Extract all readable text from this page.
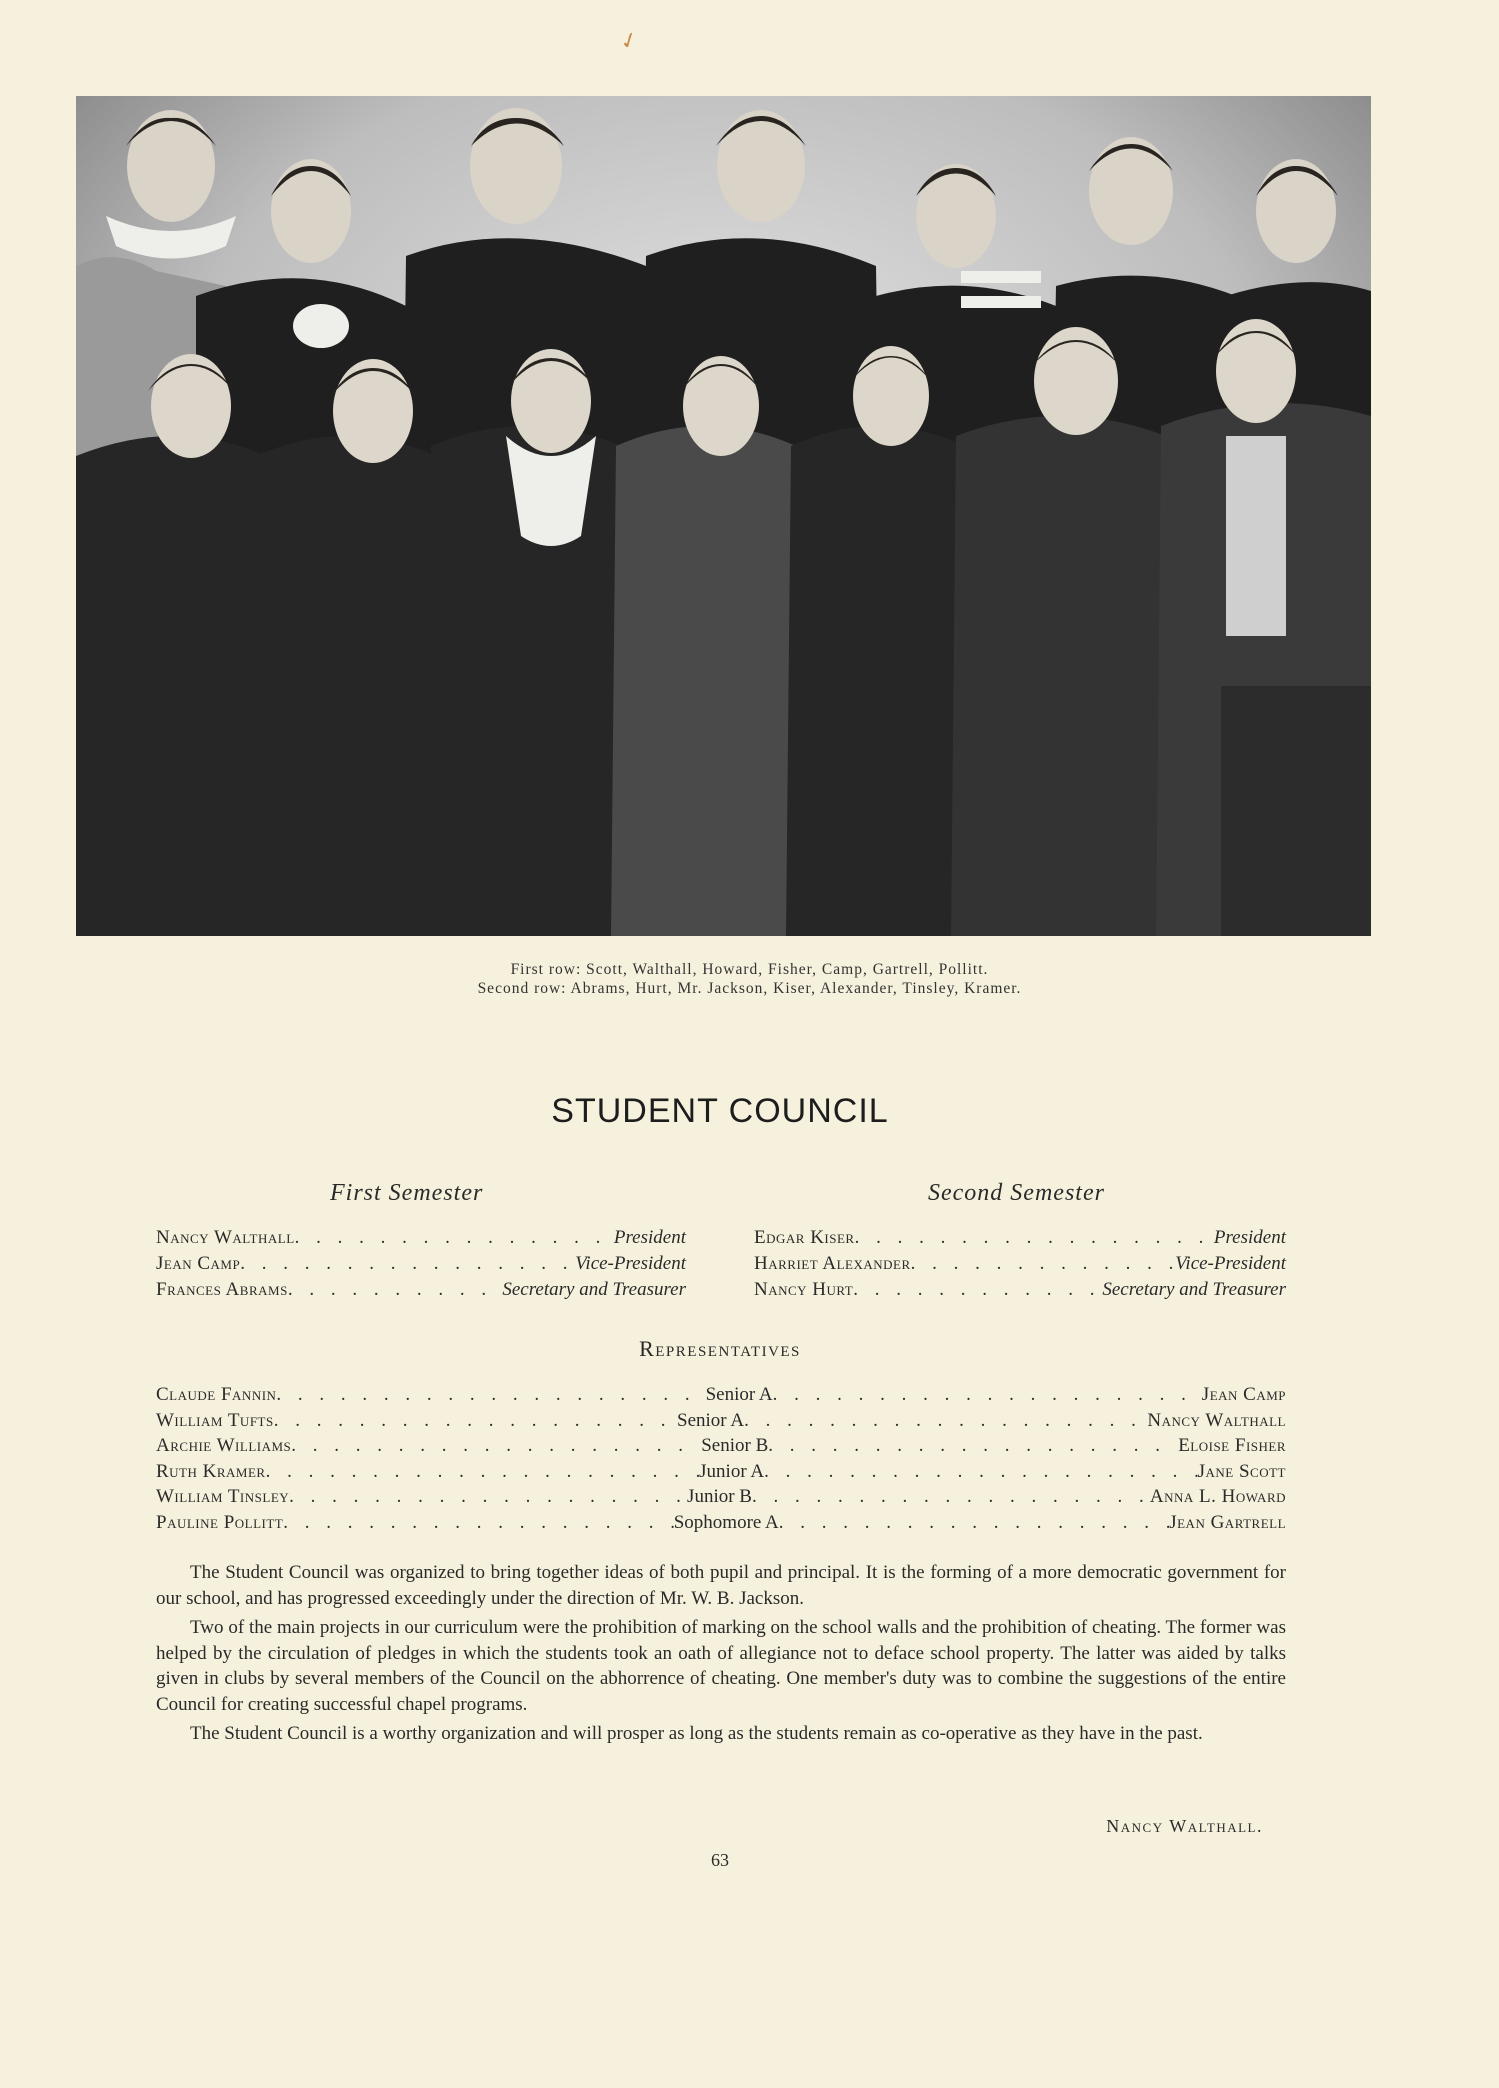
✓
First row: Scott, Walthall, Howard, Fisher, Camp, Gartrell, Pollitt.
Second row: Abrams, Hurt, Mr. Jackson, Kiser, Alexander, Tinsley, Kramer.
STUDENT COUNCIL
First Semester	Second Semester
Nancy Walthall . . .	President
Jean Camp . . .	Vice-President
Frances Abrams . . .	Secretary and Treasurer
Edgar Kiser . . .	President
Harriet Alexander . . .	Vice-President
Nancy Hurt . . .	Secretary and Treasurer
Representatives
Claude Fannin . . .	Senior A . . .	Jean Camp
William Tufts . . .	Senior A . . .	Nancy Walthall
Archie Williams . . .	Senior B . . .	Eloise Fisher
Ruth Kramer . . .	Junior A . . .	Jane Scott
William Tinsley . . .	Junior B . . .	Anna L. Howard
Pauline Pollitt . . .	Sophomore A . . .	Jean Gartrell

The Student Council was organized to bring together ideas of both pupil and principal. It is the forming of a more democratic government for our school, and has progressed exceedingly under the direction of Mr. W. B. Jackson.

Two of the main projects in our curriculum were the prohibition of marking on the school walls and the prohibition of cheating. The former was helped by the circulation of pledges in which the students took an oath of allegiance not to deface school property. The latter was aided by talks given in clubs by several members of the Council on the abhorrence of cheating. One member's duty was to combine the suggestions of the entire Council for creating successful chapel programs.

The Student Council is a worthy organization and will prosper as long as the students remain as co-operative as they have in the past.

Nancy Walthall.
63
